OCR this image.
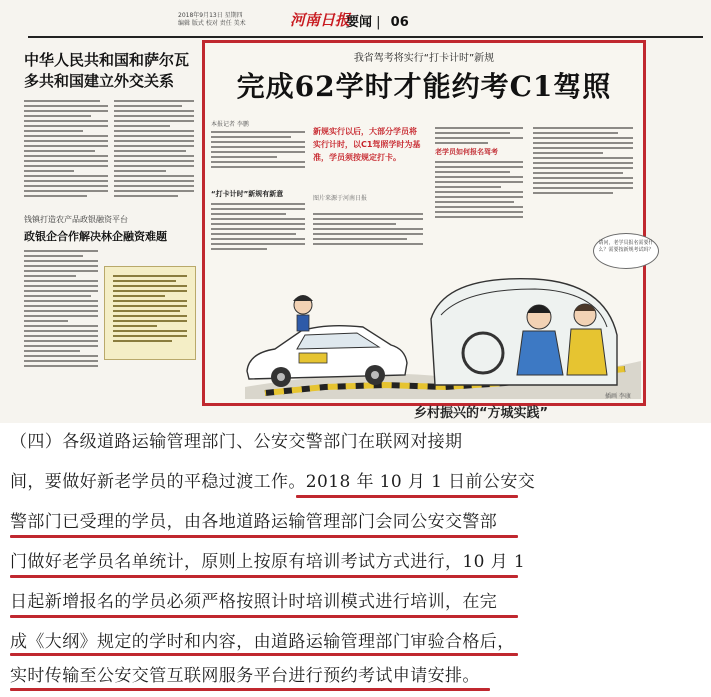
2018年9月13日 星期四
编辑 版式 校对 责任 美术	河南日报
要闻 | 06
中华人民共和国和萨尔瓦多共和国建立外交关系
钱镇打造农产品政银融资平台
政银企合作解决林企融资难题
我省驾考将实行“打卡计时”新规
完成62学时才能约考C1驾照
本报记者 李鹏
“打卡计时”新规有新意
新规实行以后，大部分学员将实行计时，以C1驾照学时为基准，学员须按规定打卡。
图片来源于河南日报
老学员如何报名驾考
请问，老学员报名需要什么？需要按新规考试吗？
插画 李康
乡村振兴的“方城实践”
（四）各级道路运输管理部门、公安交警部门在联网对接期
间，要做好新老学员的平稳过渡工作。2018 年 10 月 1 日前公安交
警部门已受理的学员，由各地道路运输管理部门会同公安交警部
门做好老学员名单统计，原则上按原有培训考试方式进行，10 月 1
日起新增报名的学员必须严格按照计时培训模式进行培训，在完
成《大纲》规定的学时和内容，由道路运输管理部门审验合格后，
实时传输至公安交管互联网服务平台进行预约考试申请安排。
